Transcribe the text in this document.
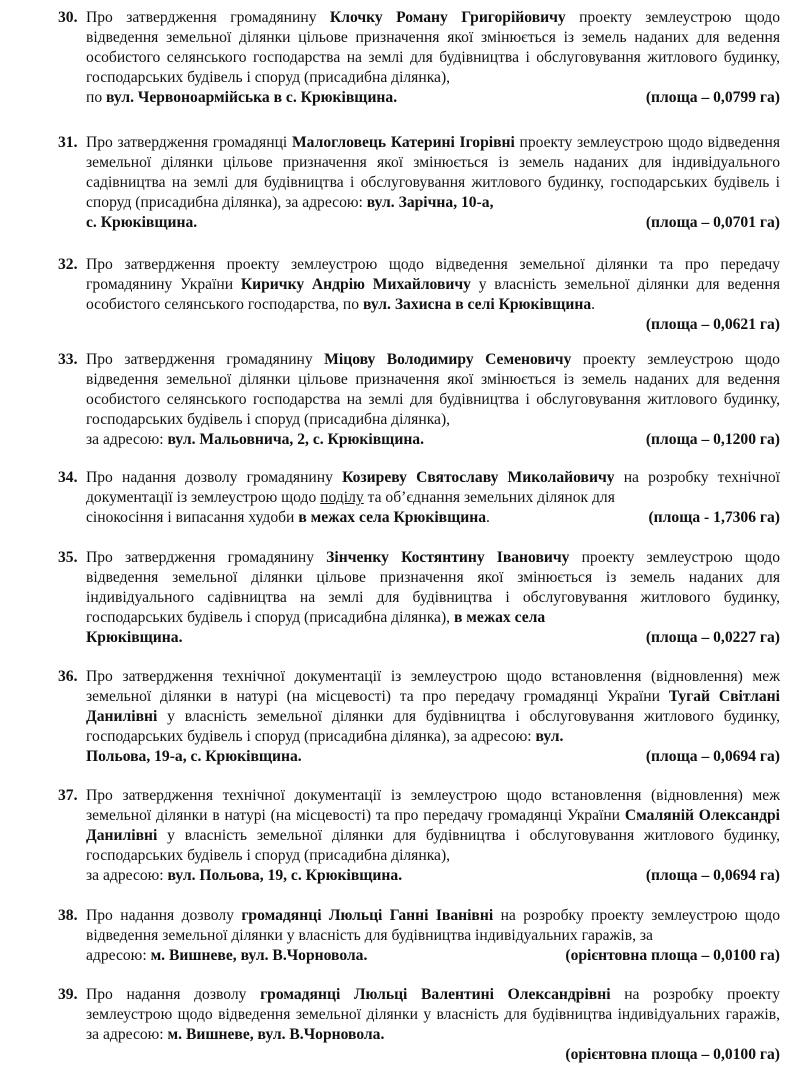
30. Про затвердження громадянину Клочку Роману Григорійовичу проекту землеустрою щодо відведення земельної ділянки цільове призначення якої змінюється із земель наданих для ведення особистого селянського господарства на землі для будівництва і обслуговування житлового будинку, господарських будівель і споруд (присадибна ділянка),
по вул. Червоноармійська в с. Крюківщина.	(площа – 0,0799 га)
31. Про затвердження громадянці Малогловець Катерині Ігорівні проекту землеустрою щодо відведення земельної ділянки цільове призначення якої змінюється із земель наданих для індивідуального садівництва на землі для будівництва і обслуговування житлового будинку, господарських будівель і споруд (присадибна ділянка), за адресою: вул. Зарічна, 10-а,
с. Крюківщина.	(площа – 0,0701 га)
32. Про затвердження проекту землеустрою щодо відведення земельної ділянки та про передачу громадянину України Киричку Андрію Михайловичу у власність земельної ділянки для ведення особистого селянського господарства, по вул. Захисна в селі Крюківщина.
(площа – 0,0621 га)
33. Про затвердження громадянину Міцову Володимиру Семеновичу проекту землеустрою щодо відведення земельної ділянки цільове призначення якої змінюється із земель наданих для ведення особистого селянського господарства на землі для будівництва і обслуговування житлового будинку, господарських будівель і споруд (присадибна ділянка),
за адресою: вул. Мальовнича, 2, с. Крюківщина.	(площа – 0,1200 га)
34. Про надання дозволу громадянину Козиреву Святославу Миколайовичу на розробку технічної документації із землеустрою щодо поділу та об’єднання земельних ділянок для
сінокосіння і випасання худоби в межах села Крюківщина.	(площа - 1,7306 га)
35. Про затвердження громадянину Зінченку Костянтину Івановичу проекту землеустрою щодо відведення земельної ділянки цільове призначення якої змінюється із земель наданих для індивідуального садівництва на землі для будівництва і обслуговування житлового будинку, господарських будівель і споруд (присадибна ділянка), в межах села
Крюківщина.	(площа – 0,0227 га)
36. Про затвердження технічної документації із землеустрою щодо встановлення (відновлення) меж земельної ділянки в натурі (на місцевості) та про передачу громадянці України Тугай Світлані Данилівні у власність земельної ділянки для будівництва і обслуговування житлового будинку, господарських будівель і споруд (присадибна ділянка), за адресою: вул.
Польова, 19-а, с. Крюківщина.	(площа – 0,0694 га)
37. Про затвердження технічної документації із землеустрою щодо встановлення (відновлення) меж земельної ділянки в натурі (на місцевості) та про передачу громадянці України Смаляній Олександрі Данилівні у власність земельної ділянки для будівництва і обслуговування житлового будинку, господарських будівель і споруд (присадибна ділянка),
за адресою: вул. Польова, 19, с. Крюківщина.	(площа – 0,0694 га)
38. Про надання дозволу громадянці Люльці Ганні Іванівні на розробку проекту землеустрою щодо відведення земельної ділянки у власність для будівництва індивідуальних гаражів, за
адресою: м. Вишневе, вул. В.Чорновола.	(орієнтовна площа – 0,0100 га)
39. Про надання дозволу громадянці Люльці Валентині Олександрівні на розробку проекту землеустрою щодо відведення земельної ділянки у власність для будівництва індивідуальних гаражів, за адресою: м. Вишневе, вул. В.Чорновола.
(орієнтовна площа – 0,0100 га)
